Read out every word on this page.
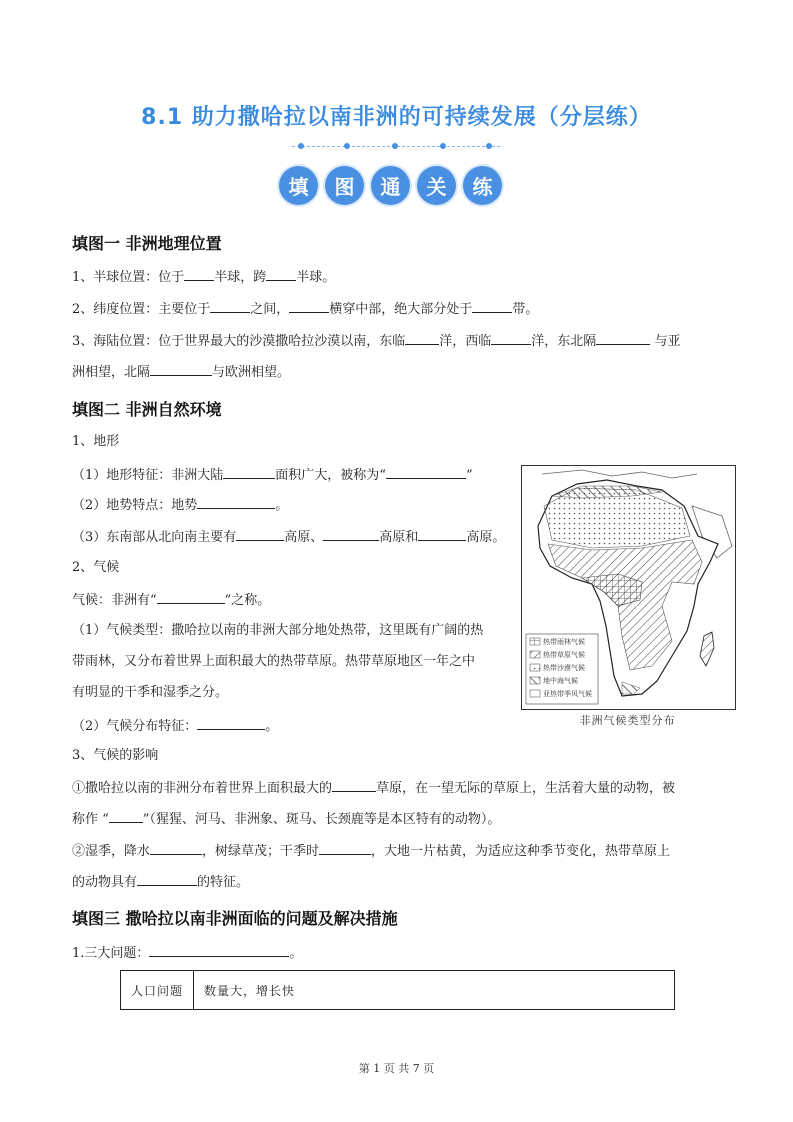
8.1 助力撒哈拉以南非洲的可持续发展（分层练）
填	图	通	关	练
填图一 非洲地理位置
1、半球位置：位于 半球，跨 半球。
2、纬度位置：主要位于	之间，	横穿中部，绝大部分处于	带。
3、海陆位置：位于世界最大的沙漠撒哈拉沙漠以南，东临	洋，西临	洋，东北隔	与亚
洲相望，北隔	与欧洲相望。
填图二 非洲自然环境
1、地形
（1）地形特征：非洲大陆	面积广大，被称为“	”
（2）地势特点：地势	。
（3）东南部从北向南主要有	高原、	高原和	高原。
2、气候
气候：非洲有“	”之称。
（1）气候类型：撒哈拉以南的非洲大部分地处热带，这里既有广阔的热
带雨林，又分布着世界上面积最大的热带草原。热带草原地区一年之中
有明显的干季和湿季之分。
（2）气候分布特征：	。
3、气候的影响
①撒哈拉以南的非洲分布着世界上面积最大的	草原，在一望无际的草原上，生活着大量的动物，被
称作 “	”（猩猩、河马、非洲象、斑马、长颈鹿等是本区特有的动物）。
②湿季，降水	，树绿草茂；干季时	，大地一片枯黄，为适应这种季节变化，热带草原上
的动物具有	的特征。
热带雨林气候
热带草原气候
热带沙漠气候
地中海气候
亚热带季风气候
非洲气候类型分布
填图三 撒哈拉以南非洲面临的问题及解决措施
1.三大问题：	。
人口问题	数量大，增长快
第 1 页 共 7 页
